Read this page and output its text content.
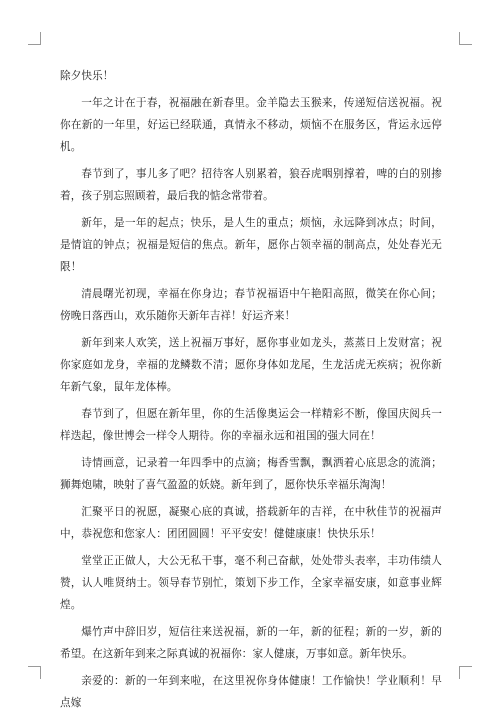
除夕快乐！

一年之计在于春，祝福融在新春里。金羊隐去玉猴来，传递短信送祝福。祝你在新的一年里，好运已经联通，真情永不移动，烦恼不在服务区，背运永远停机。

春节到了，事儿多了吧？招待客人别累着，狼吞虎咽别撑着，啤的白的别掺着，孩子别忘照顾着，最后我的惦念常带着。

新年，是一年的起点；快乐，是人生的重点；烦恼，永远降到冰点；时间，是情谊的钟点；祝福是短信的焦点。新年，愿你占领幸福的制高点，处处春光无限！

清晨曙光初现，幸福在你身边；春节祝福语中午艳阳高照，微笑在你心间；傍晚日落西山，欢乐随你天新年吉祥！好运齐来！

新年到来人欢笑，送上祝福万事好，愿你事业如龙头，蒸蒸日上发财富；祝你家庭如龙身，幸福的龙鳞数不清；愿你身体如龙尾，生龙活虎无疾病；祝你新年新气象，鼠年龙体棒。

春节到了，但愿在新年里，你的生活像奥运会一样精彩不断，像国庆阅兵一样迭起，像世博会一样令人期待。你的幸福永远和祖国的强大同在！

诗情画意，记录着一年四季中的点滴；梅香雪飘，飘洒着心底思念的流淌；狮舞炮啸，映射了喜气盈盈的妖娆。新年到了，愿你快乐幸福乐淘淘！

汇聚平日的祝愿，凝聚心底的真诚，搭载新年的吉祥，在中秋佳节的祝福声中，恭祝您和您家人：团团圆圆！平平安安！健健康康！快快乐乐！

堂堂正正做人，大公无私干事，毫不利己奋献，处处带头表率，丰功伟绩人赞，认人唯贤纳士。领导春节别忙，策划下步工作，全家幸福安康，如意事业辉煌。

爆竹声中辞旧岁，短信往来送祝福，新的一年，新的征程；新的一岁，新的希望。在这新年到来之际真诚的祝福你：家人健康，万事如意。新年快乐。

亲爱的：新的一年到来啦，在这里祝你身体健康！工作愉快！学业顺利！早点嫁
